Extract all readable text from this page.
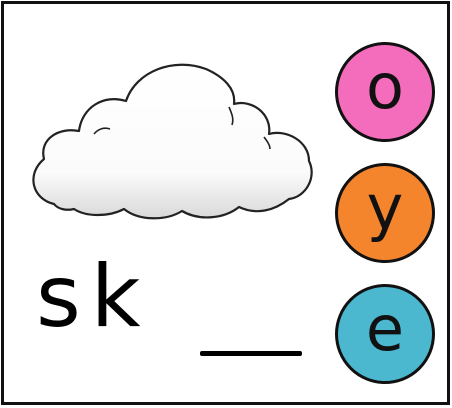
sk
o
y
e
